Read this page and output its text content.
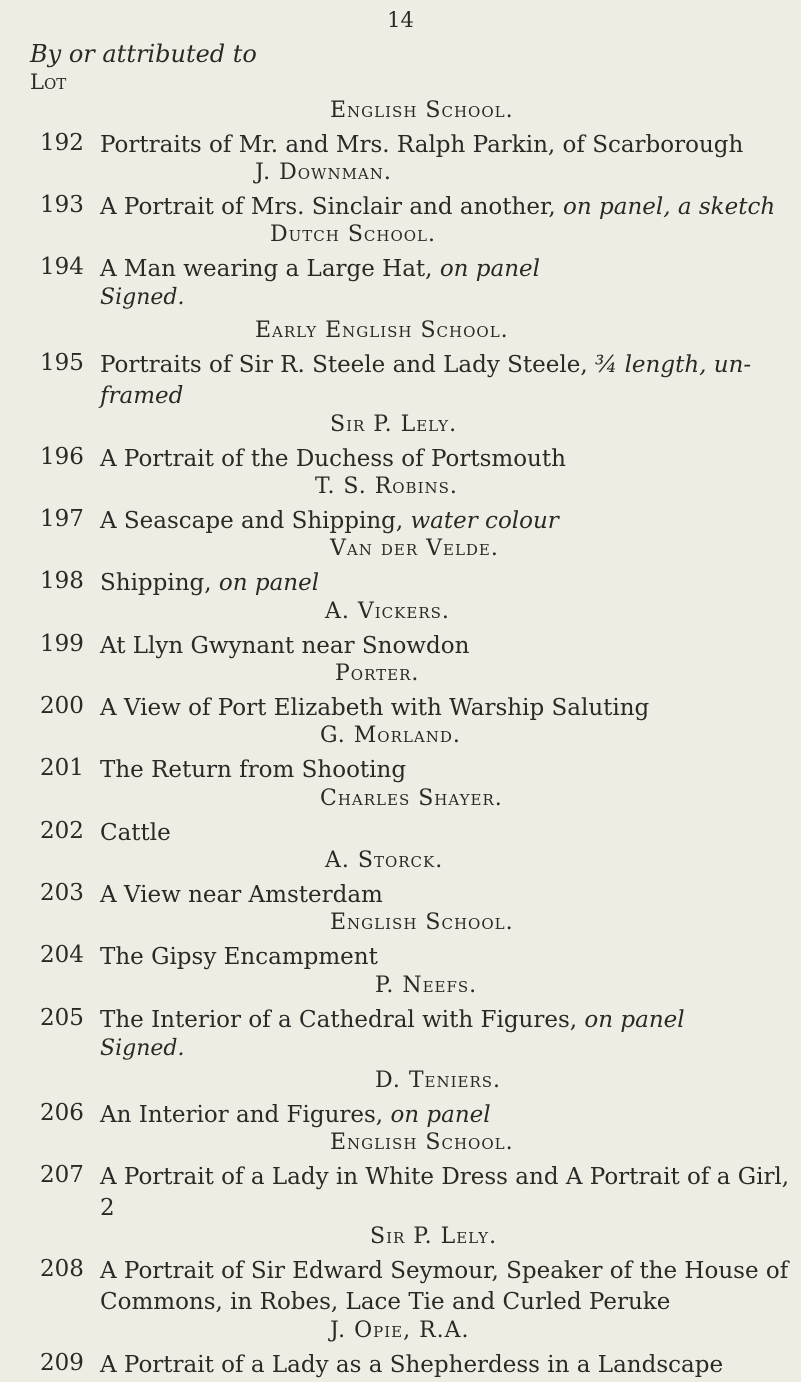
14
By or attributed to
Lot
English School.
192 Portraits of Mr. and Mrs. Ralph Parkin, of Scarborough
J. Downman.
193 A Portrait of Mrs. Sinclair and another, on panel, a sketch
Dutch School.
194 A Man wearing a Large Hat, on panel
Signed.
Early English School.
195 Portraits of Sir R. Steele and Lady Steele, ¾ length, un-framed
Sir P. Lely.
196 A Portrait of the Duchess of Portsmouth
T. S. Robins.
197 A Seascape and Shipping, water colour
Van der Velde.
198 Shipping, on panel
A. Vickers.
199 At Llyn Gwynant near Snowdon
Porter.
200 A View of Port Elizabeth with Warship Saluting
G. Morland.
201 The Return from Shooting
Charles Shayer.
202 Cattle
A. Storck.
203 A View near Amsterdam
English School.
204 The Gipsy Encampment
P. Neefs.
205 The Interior of a Cathedral with Figures, on panel
Signed.
D. Teniers.
206 An Interior and Figures, on panel
English School.
207 A Portrait of a Lady in White Dress and A Portrait of a Girl, 2
Sir P. Lely.
208 A Portrait of Sir Edward Seymour, Speaker of the House of Commons, in Robes, Lace Tie and Curled Peruke
J. Opie, R.A.
209 A Portrait of a Lady as a Shepherdess in a Landscape
